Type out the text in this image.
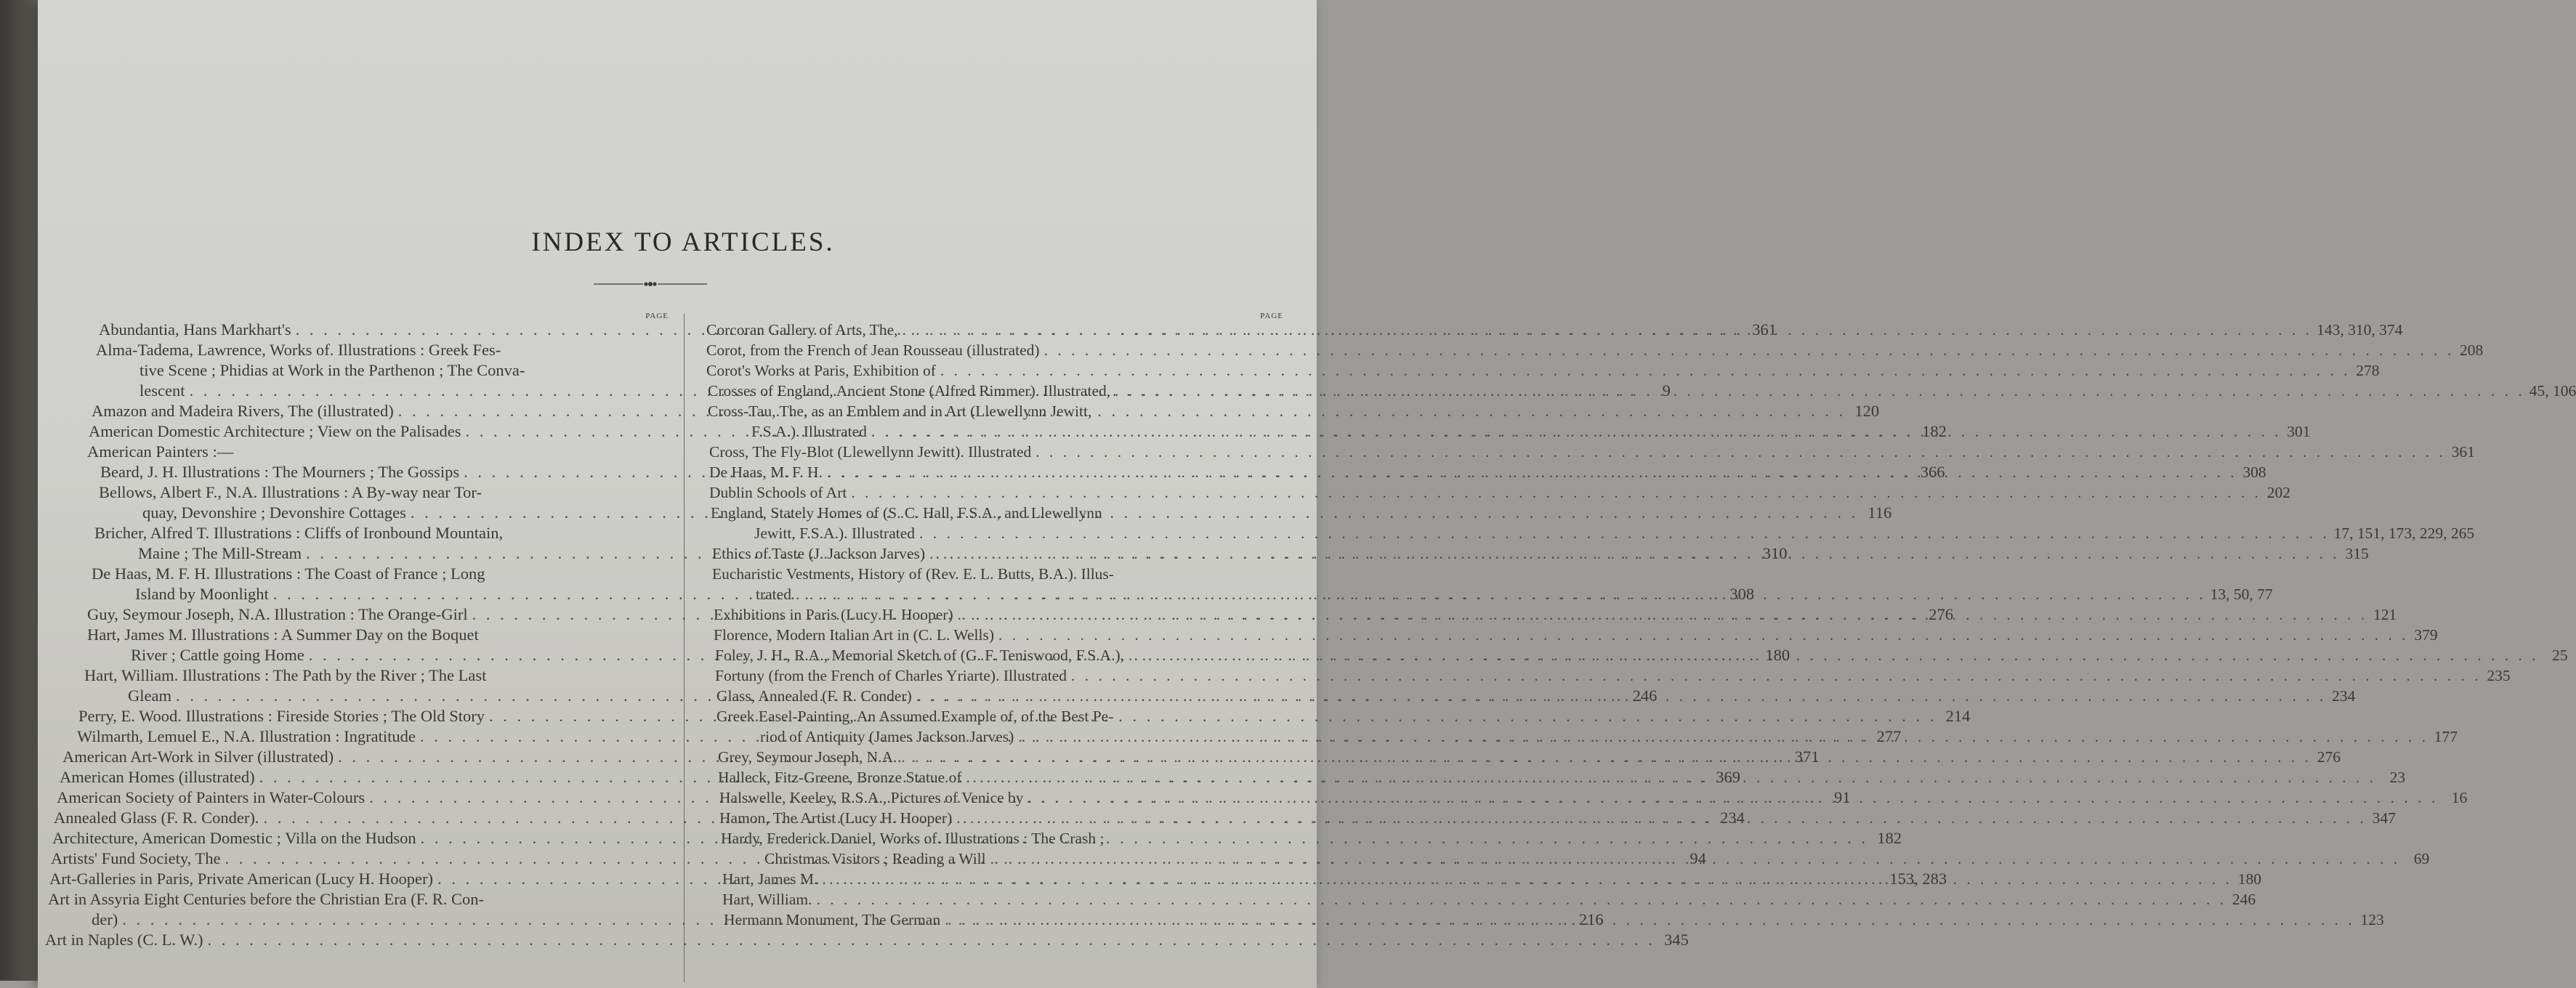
INDEX TO ARTICLES.
PAGE
Abundantia, Hans Markhart's . . .	361
Alma-Tadema, Lawrence, Works of. Illustrations : Greek Fes-
tive Scene ; Phidias at Work in the Parthenon ; The Conva-
lescent . . .	9
Amazon and Madeira Rivers, The (illustrated) . . .	120
American Domestic Architecture ; View on the Palisades . . .	182
American Painters :—
Beard, J. H. Illustrations : The Mourners ; The Gossips . . .	366
Bellows, Albert F., N.A. Illustrations : A By-way near Tor-
quay, Devonshire ; Devonshire Cottages . . .	116
Bricher, Alfred T. Illustrations : Cliffs of Ironbound Mountain,
Maine ; The Mill-Stream . . .	310
De Haas, M. F. H. Illustrations : The Coast of France ; Long
Island by Moonlight . . .	308
Guy, Seymour Joseph, N.A. Illustration : The Orange-Girl . . .	276
Hart, James M. Illustrations : A Summer Day on the Boquet
River ; Cattle going Home . . .	180
Hart, William. Illustrations : The Path by the River ; The Last
Gleam . . .	246
Perry, E. Wood. Illustrations : Fireside Stories ; The Old Story . . .	214
Wilmarth, Lemuel E., N.A. Illustration : Ingratitude . . .	277
American Art-Work in Silver (illustrated) . . .	371
American Homes (illustrated) . . .	369
American Society of Painters in Water-Colours . . .	91
Annealed Glass (F. R. Conder). . . .	234
Architecture, American Domestic ; Villa on the Hudson . . .	182
Artists' Fund Society, The . . .	94
Art-Galleries in Paris, Private American (Lucy H. Hooper) . . .	153, 283
Art in Assyria Eight Centuries before the Christian Era (F. R. Con-
der) . . .	216
Art in Naples (C. L. W.) . . .	345
PAGE
Corcoran Gallery of Arts, The, . . .	143, 310, 374
Corot, from the French of Jean Rousseau (illustrated) . . .	208
Corot's Works at Paris, Exhibition of . . .	278
Crosses of England, Ancient Stone (Alfred Rimmer). Illustrated, . . .	45, 106
Cross-Tau, The, as an Emblem and in Art (Llewellynn Jewitt,
F.S.A.). Illustrated . . .	301
Cross, The Fly-Blot (Llewellynn Jewitt). Illustrated . . .	361
De Haas, M. F. H. . . .	308
Dublin Schools of Art . . .	202
England, Stately Homes of (S. C. Hall, F.S.A., and Llewellynn
Jewitt, F.S.A.). Illustrated . . .	17, 151, 173, 229, 265
Ethics of Taste (J. Jackson Jarves) . . .	315
Eucharistic Vestments, History of (Rev. E. L. Butts, B.A.). Illus-
trated . . .	13, 50, 77
Exhibitions in Paris (Lucy H. Hooper) . . .	121
Florence, Modern Italian Art in (C. L. Wells) . . .	379
Foley, J. H., R.A., Memorial Sketch of (G. F. Teniswood, F.S.A.), . . .	25
Fortuny (from the French of Charles Yriarte). Illustrated . . .	235
Glass, Annealed (F. R. Conder) . . .	234
Greek Easel-Painting, An Assumed Example of, of the Best Pe-
riod of Antiquity (James Jackson Jarves) . . .	177
Grey, Seymour Joseph, N.A. . . .	276
Halleck, Fitz-Greene, Bronze Statue of . . .	23
Halswelle, Keeley, R.S.A., Pictures of Venice by . . .	16
Hamon, The Artist (Lucy H. Hooper) . . .	347
Hardy, Frederick Daniel, Works of. Illustrations : The Crash ;
Christmas Visitors ; Reading a Will . . .	69
Hart, James M. . . .	180
Hart, William. . . .	246
Hermann Monument, The German . . .	123
